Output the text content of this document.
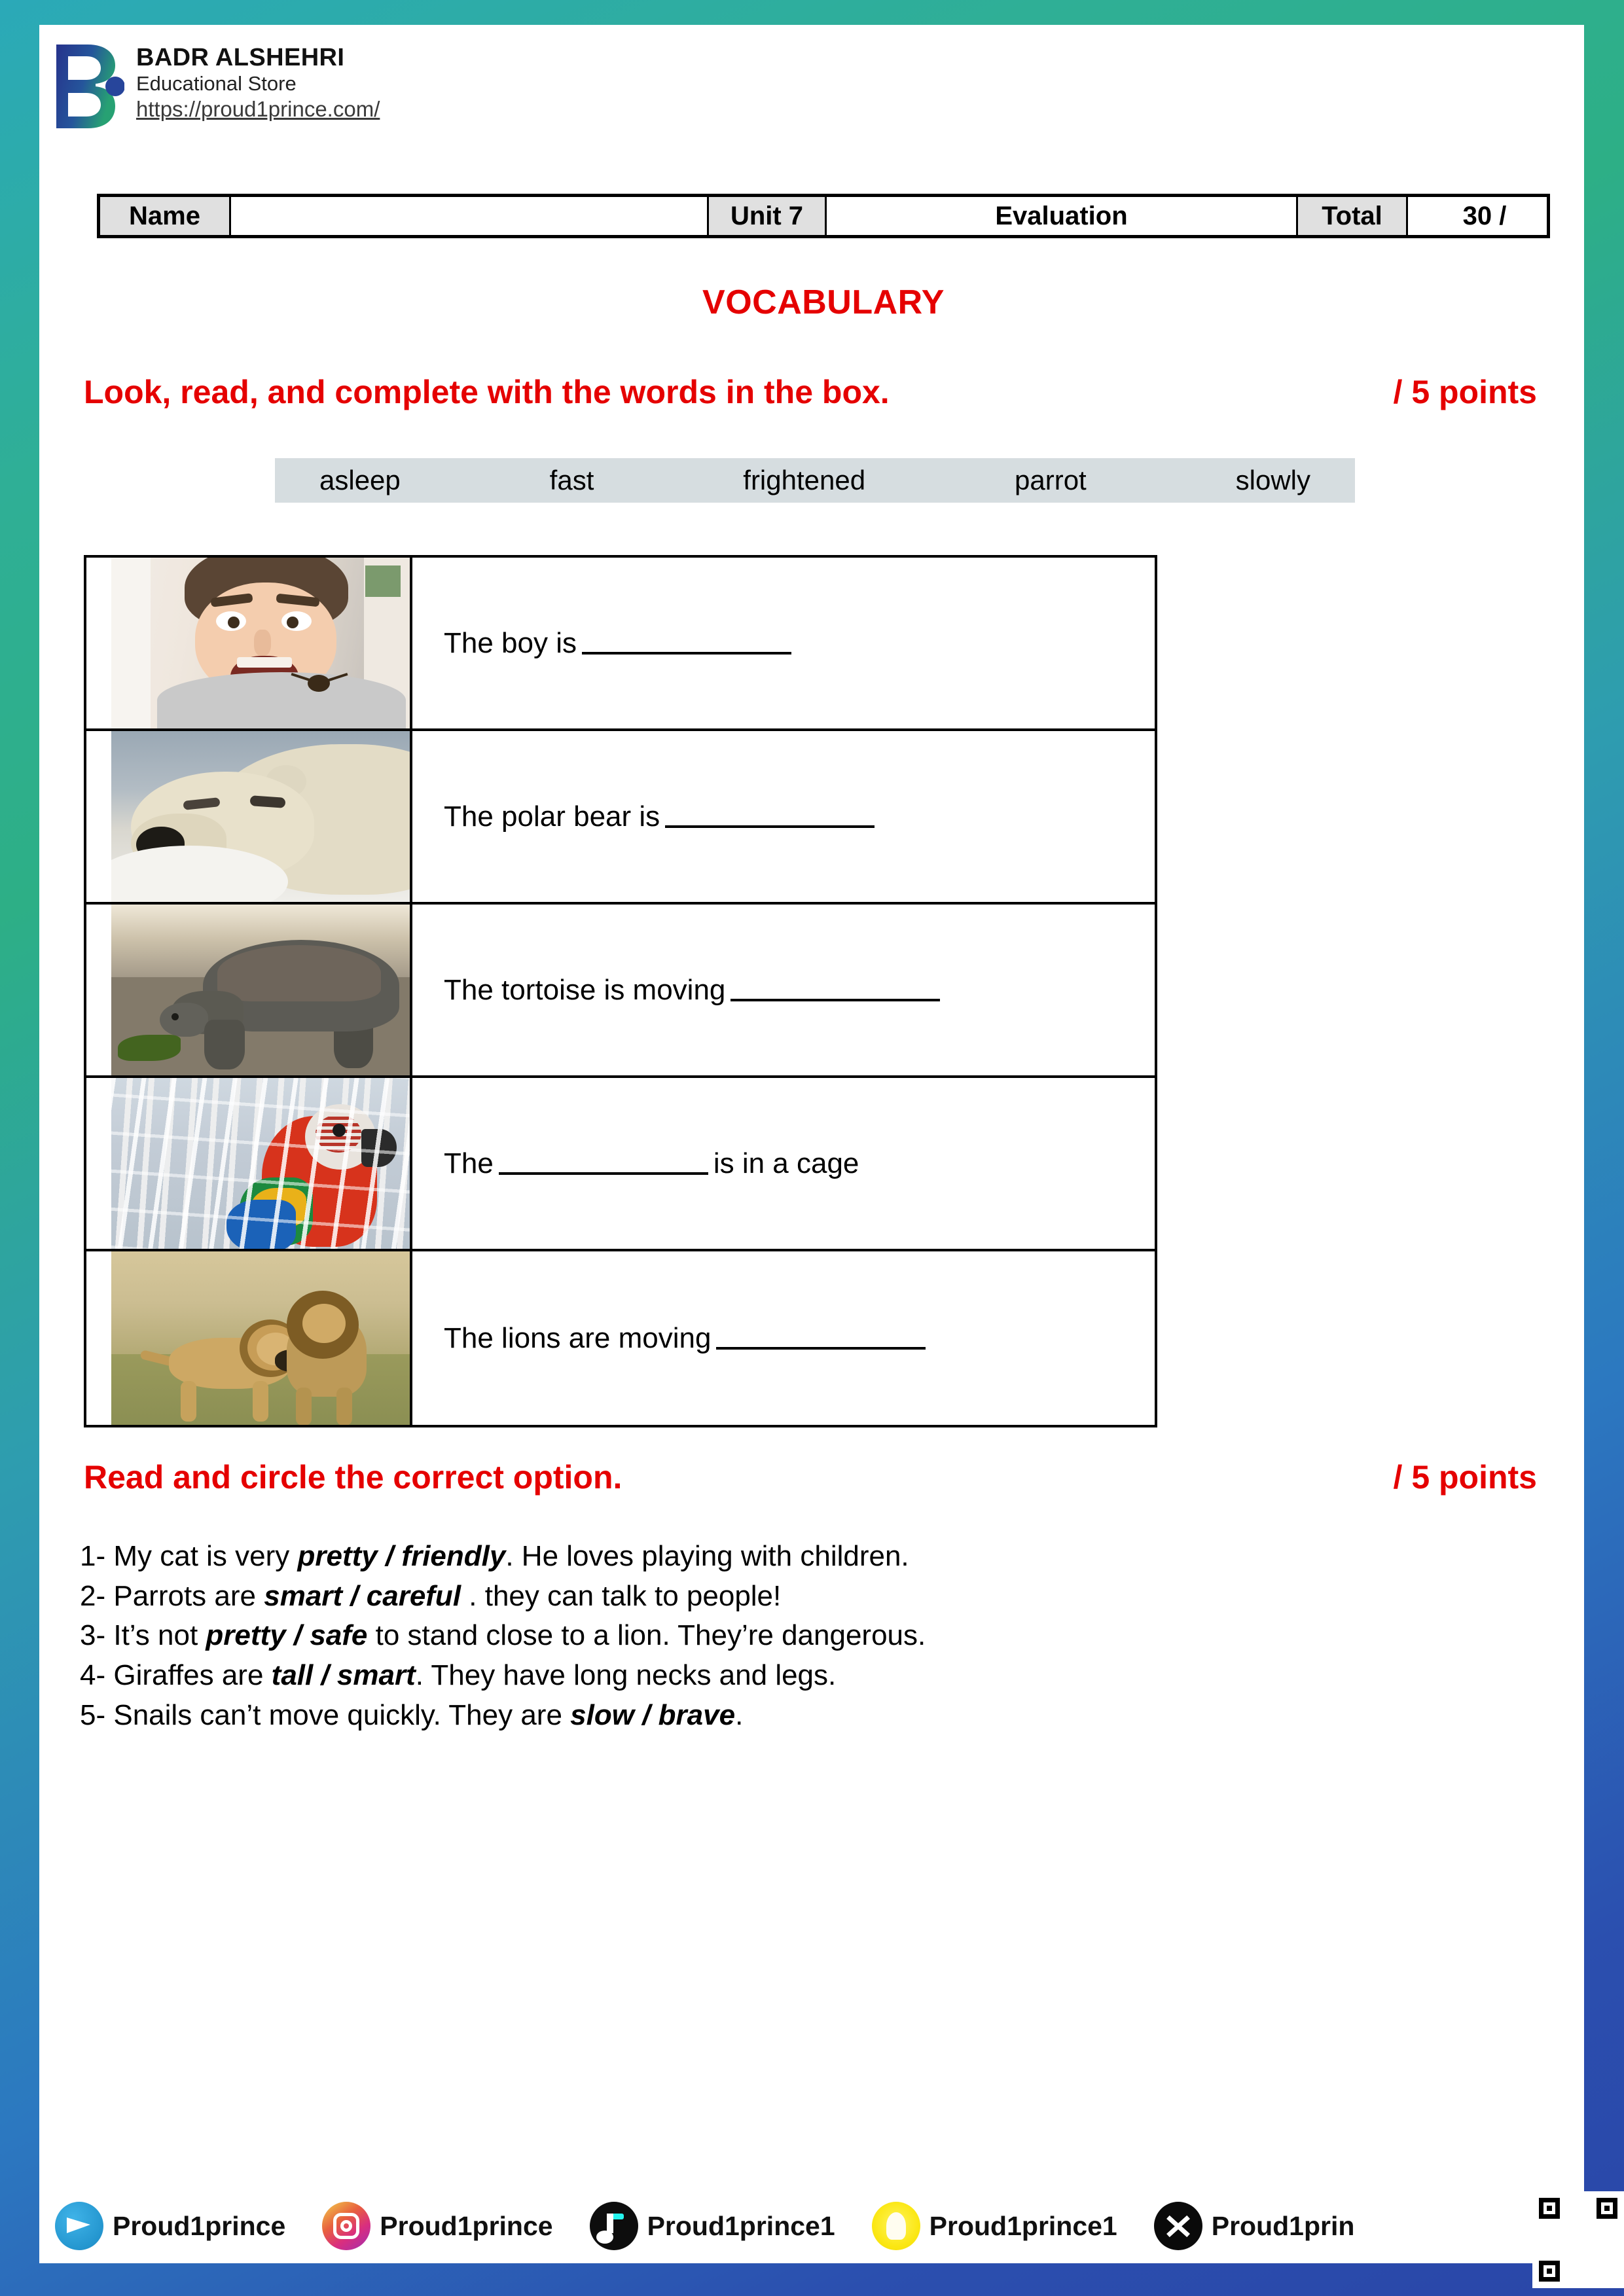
BADR ALSHEHRI
Educational Store
https://proud1prince.com/
Name	Unit 7	Evaluation	Total	30 /
VOCABULARY
Look, read, and complete with the words in the box.	/ 5 points
asleep	fast	frightened	parrot	slowly
The boy is
The polar bear is
The tortoise is moving
The	is in a cage
The lions are moving
Read and circle the correct option.	/ 5 points
1- My cat is very pretty / friendly. He loves playing with children.
2- Parrots are smart / careful . they can talk to people!
3- It’s not pretty / safe to stand close to a lion. They’re dangerous.
4- Giraffes are tall / smart. They have long necks and legs.
5- Snails can’t move quickly. They are slow / brave.
Proud1prince	Proud1prince	Proud1prince1	Proud1prince1	Proud1prin
